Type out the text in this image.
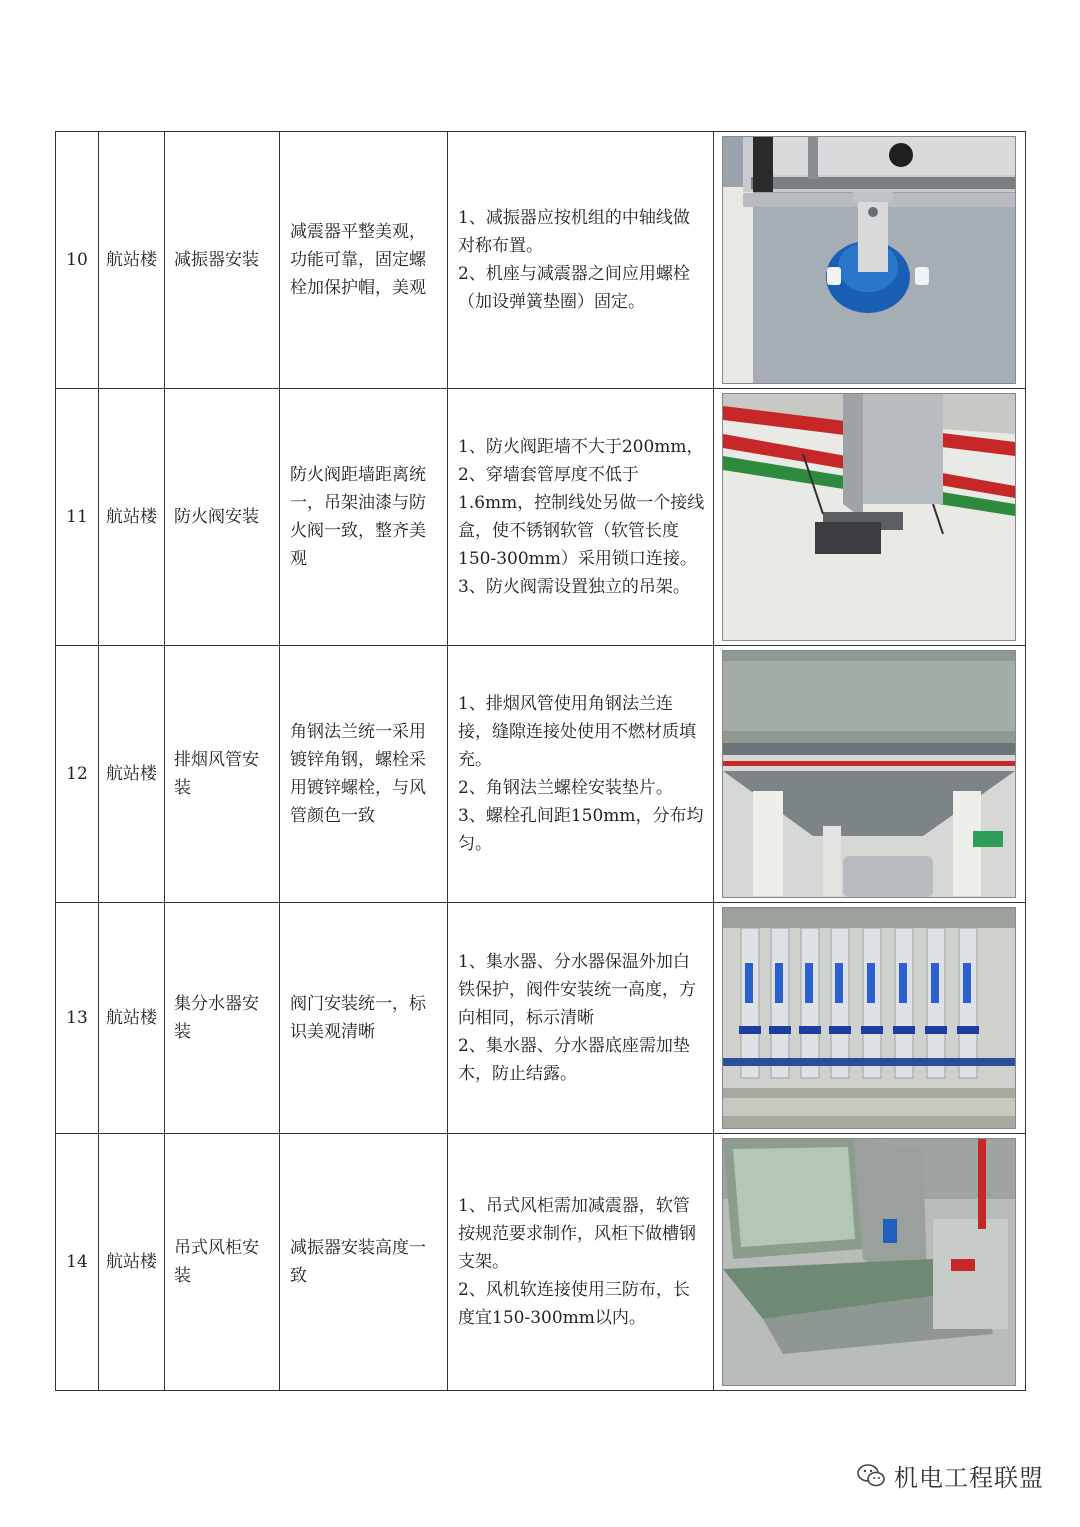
10	航站楼	减振器安装	减震器平整美观，功能可靠，固定螺栓加保护帽，美观	1、减振器应按机组的中轴线做对称布置。
2、机座与减震器之间应用螺栓（加设弹簧垫圈）固定。

11	航站楼	防火阀安装	防火阀距墙距离统一，吊架油漆与防火阀一致，整齐美观	1、防火阀距墙不大于200mm，
2、穿墙套管厚度不低于1.6mm，控制线处另做一个接线盒，使不锈钢软管（软管长度150-300mm）采用锁口连接。
3、防火阀需设置独立的吊架。

12	航站楼	排烟风管安装	角钢法兰统一采用镀锌角钢，螺栓采用镀锌螺栓，与风管颜色一致	1、排烟风管使用角钢法兰连接，缝隙连接处使用不燃材质填充。
2、角钢法兰螺栓安装垫片。
3、螺栓孔间距150mm，分布均匀。

13	航站楼	集分水器安装	阀门安装统一，标识美观清晰	1、集水器、分水器保温外加白铁保护，阀件安装统一高度，方向相同，标示清晰
2、集水器、分水器底座需加垫木，防止结露。

14	航站楼	吊式风柜安装	减振器安装高度一致	1、吊式风柜需加减震器，软管按规范要求制作，风柜下做槽钢支架。
2、风机软连接使用三防布，长度宜150-300mm以内。

机电工程联盟
